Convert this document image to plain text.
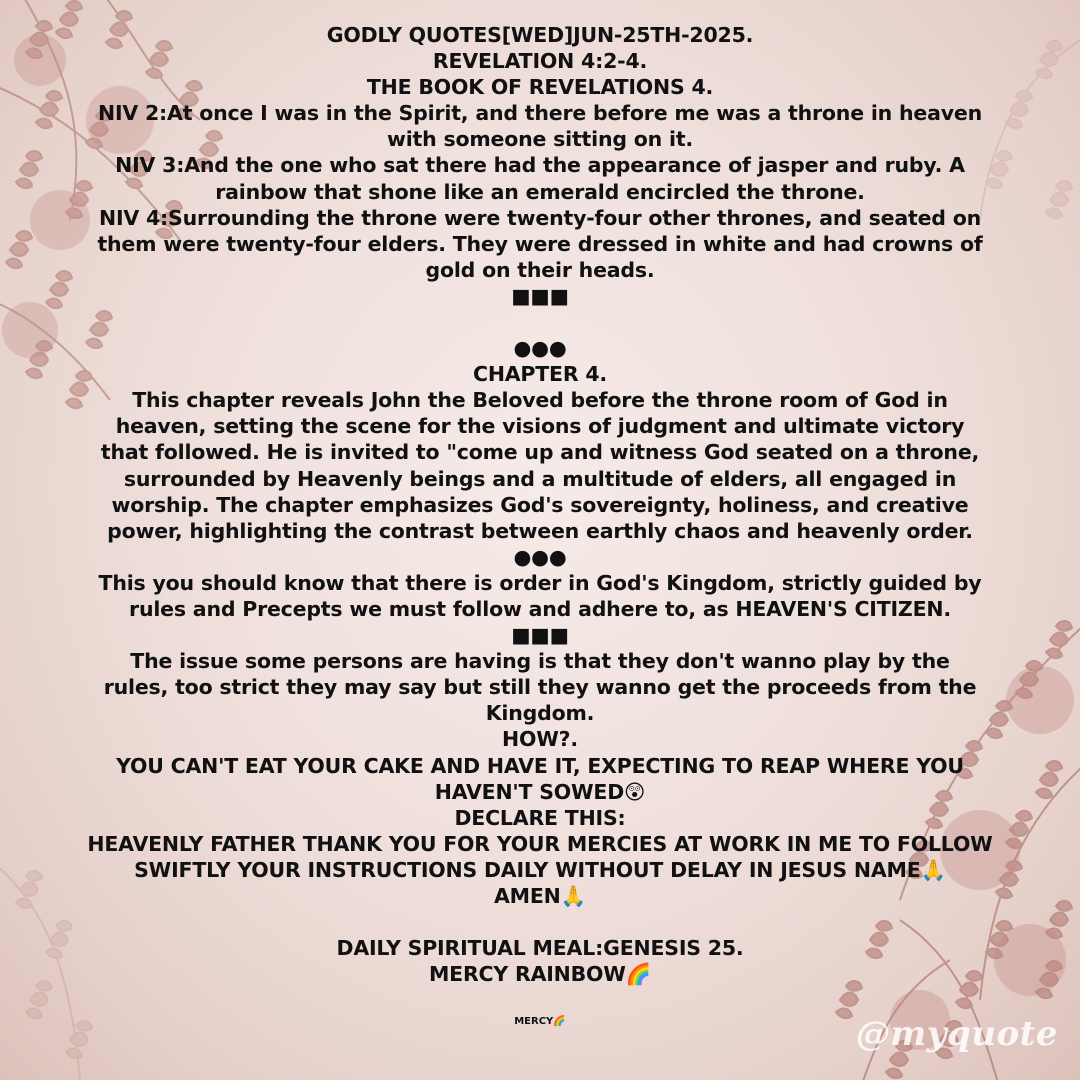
GODLY QUOTES[WED]JUN-25TH-2025.
REVELATION 4:2-4.
THE BOOK OF REVELATIONS 4.
NIV 2:At once I was in the Spirit, and there before me was a throne in heaven
with someone sitting on it.
NIV 3:And the one who sat there had the appearance of jasper and ruby. A
rainbow that shone like an emerald encircled the throne.
NIV 4:Surrounding the throne were twenty-four other thrones, and seated on
them were twenty-four elders. They were dressed in white and had crowns of
gold on their heads.
■■■
●●●
CHAPTER 4.
This chapter reveals John the Beloved before the throne room of God in
heaven, setting the scene for the visions of judgment and ultimate victory
that followed. He is invited to "come up and witness God seated on a throne,
surrounded by Heavenly beings and a multitude of elders, all engaged in
worship. The chapter emphasizes God's sovereignty, holiness, and creative
power, highlighting the contrast between earthly chaos and heavenly order.
●●●
This you should know that there is order in God's Kingdom, strictly guided by
rules and Precepts we must follow and adhere to, as HEAVEN'S CITIZEN.
■■■
The issue some persons are having is that they don't wanno play by the
rules, too strict they may say but still they wanno get the proceeds from the
Kingdom.
HOW?.
YOU CAN'T EAT YOUR CAKE AND HAVE IT, EXPECTING TO REAP WHERE YOU
HAVEN'T SOWED😲
DECLARE THIS:
HEAVENLY FATHER THANK YOU FOR YOUR MERCIES AT WORK IN ME TO FOLLOW
SWIFTLY YOUR INSTRUCTIONS DAILY WITHOUT DELAY IN JESUS NAME🙏
AMEN🙏
DAILY SPIRITUAL MEAL:GENESIS 25.
MERCY RAINBOW🌈
MERCY🌈	@myquote
